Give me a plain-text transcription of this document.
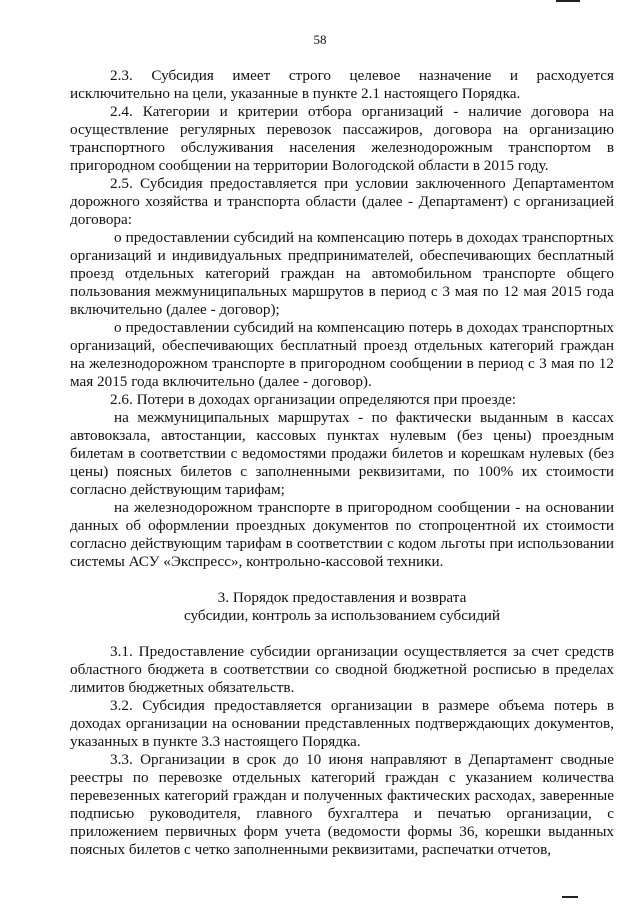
58

2.3. Субсидия имеет строго целевое назначение и расходуется исключительно на цели, указанные в пункте 2.1 настоящего Порядка.

2.4. Категории и критерии отбора организаций - наличие договора на осуществление регулярных перевозок пассажиров, договора на организацию транспортного обслуживания населения железнодорожным транспортом в пригородном сообщении на территории Вологодской области в 2015 году.

2.5. Субсидия предоставляется при условии заключенного Департаментом дорожного хозяйства и транспорта области (далее - Департамент) с организацией договора:

о предоставлении субсидий на компенсацию потерь в доходах транспортных организаций и индивидуальных предпринимателей, обеспечивающих бесплатный проезд отдельных категорий граждан на автомобильном транспорте общего пользования межмуниципальных маршрутов в период с 3 мая по 12 мая 2015 года включительно (далее - договор);

о предоставлении субсидий на компенсацию потерь в доходах транспортных организаций, обеспечивающих бесплатный проезд отдельных категорий граждан на железнодорожном транспорте в пригородном сообщении в период с 3 мая по 12 мая 2015 года включительно (далее - договор).

2.6. Потери в доходах организации определяются при проезде:

на межмуниципальных маршрутах - по фактически выданным в кассах автовокзала, автостанции, кассовых пунктах нулевым (без цены) проездным билетам в соответствии с ведомостями продажи билетов и корешкам нулевых (без цены) поясных билетов с заполненными реквизитами, по 100% их стоимости согласно действующим тарифам;

на железнодорожном транспорте в пригородном сообщении - на основании данных об оформлении проездных документов по стопроцентной их стоимости согласно действующим тарифам в соответствии с кодом льготы при использовании системы АСУ «Экспресс», контрольно-кассовой техники.

3. Порядок предоставления и возврата
субсидии, контроль за использованием субсидий

3.1. Предоставление субсидии организации осуществляется за счет средств областного бюджета в соответствии со сводной бюджетной росписью в пределах лимитов бюджетных обязательств.

3.2. Субсидия предоставляется организации в размере объема потерь в доходах организации на основании представленных подтверждающих документов, указанных в пункте 3.3 настоящего Порядка.

3.3. Организации в срок до 10 июня направляют в Департамент сводные реестры по перевозке отдельных категорий граждан с указанием количества перевезенных категорий граждан и полученных фактических расходах, заверенные подписью руководителя, главного бухгалтера и печатью организации, с приложением первичных форм учета (ведомости формы 36, корешки выданных поясных билетов с четко заполненными реквизитами, распечатки отчетов,
